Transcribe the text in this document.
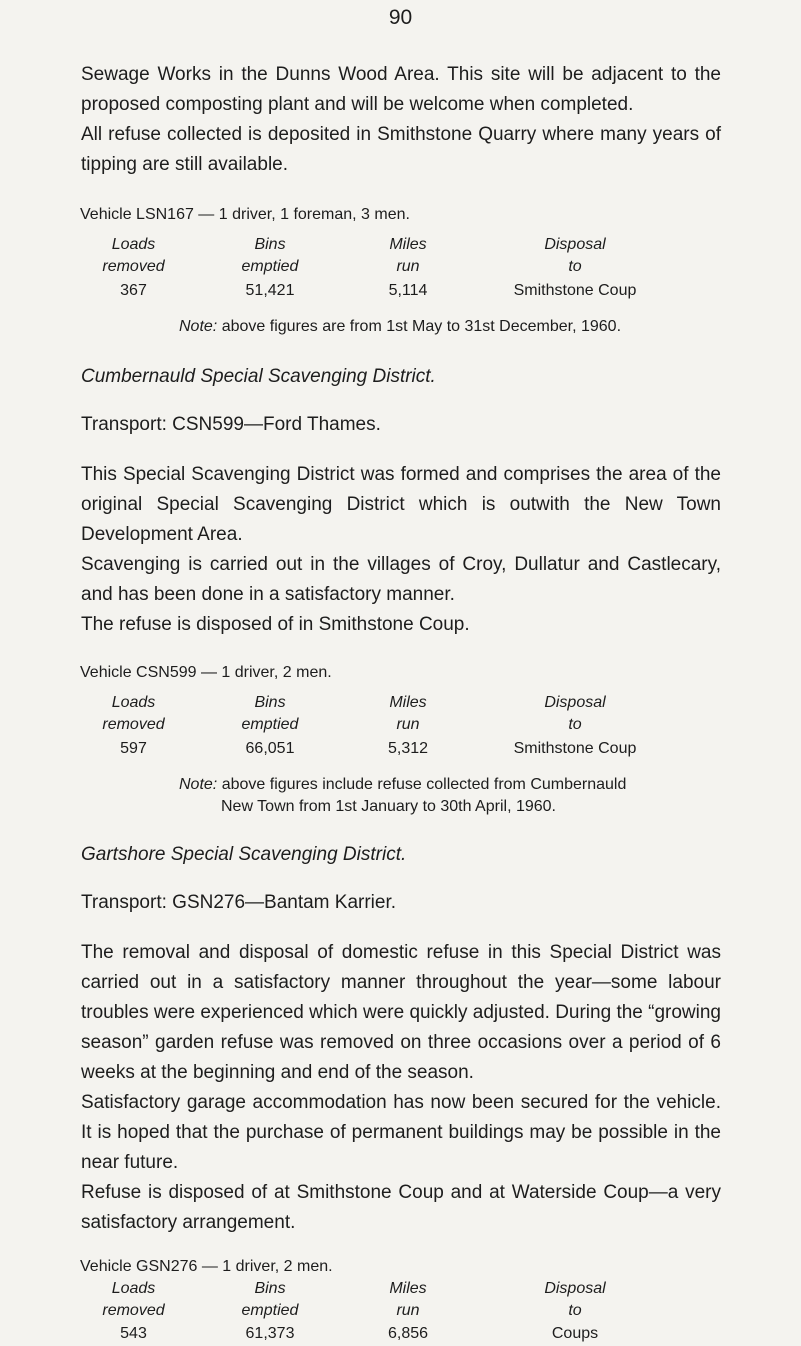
90

Sewage Works in the Dunns Wood Area. This site will be adjacent to the proposed composting plant and will be welcome when completed.

All refuse collected is deposited in Smithstone Quarry where many years of tipping are still available.

Vehicle LSN167 — 1 driver, 1 foreman, 3 men.
Loads	Bins	Miles	Disposal
removed	emptied	run	to
367	51,421	5,114	Smithstone Coup
Note: above figures are from 1st May to 31st December, 1960.
Cumbernauld Special Scavenging District.
Transport: CSN599—Ford Thames.

This Special Scavenging District was formed and comprises the area of the original Special Scavenging District which is outwith the New Town Development Area.

Scavenging is carried out in the villages of Croy, Dullatur and Castlecary, and has been done in a satisfactory manner.

The refuse is disposed of in Smithstone Coup.

Vehicle CSN599 — 1 driver, 2 men.
Loads	Bins	Miles	Disposal
removed	emptied	run	to
597	66,051	5,312	Smithstone Coup
Note: above figures include refuse collected from Cumbernauld
New Town from 1st January to 30th April, 1960.
Gartshore Special Scavenging District.
Transport: GSN276—Bantam Karrier.

The removal and disposal of domestic refuse in this Special District was carried out in a satisfactory manner throughout the year—some labour troubles were experienced which were quickly adjusted. During the “growing season” garden refuse was removed on three occasions over a period of 6 weeks at the beginning and end of the season.

Satisfactory garage accommodation has now been secured for the vehicle. It is hoped that the purchase of permanent buildings may be possible in the near future.

Refuse is disposed of at Smithstone Coup and at Waterside Coup—a very satisfactory arrangement.

Vehicle GSN276 — 1 driver, 2 men.
Loads	Bins	Miles	Disposal
removed	emptied	run	to
543	61,373	6,856	Coups
